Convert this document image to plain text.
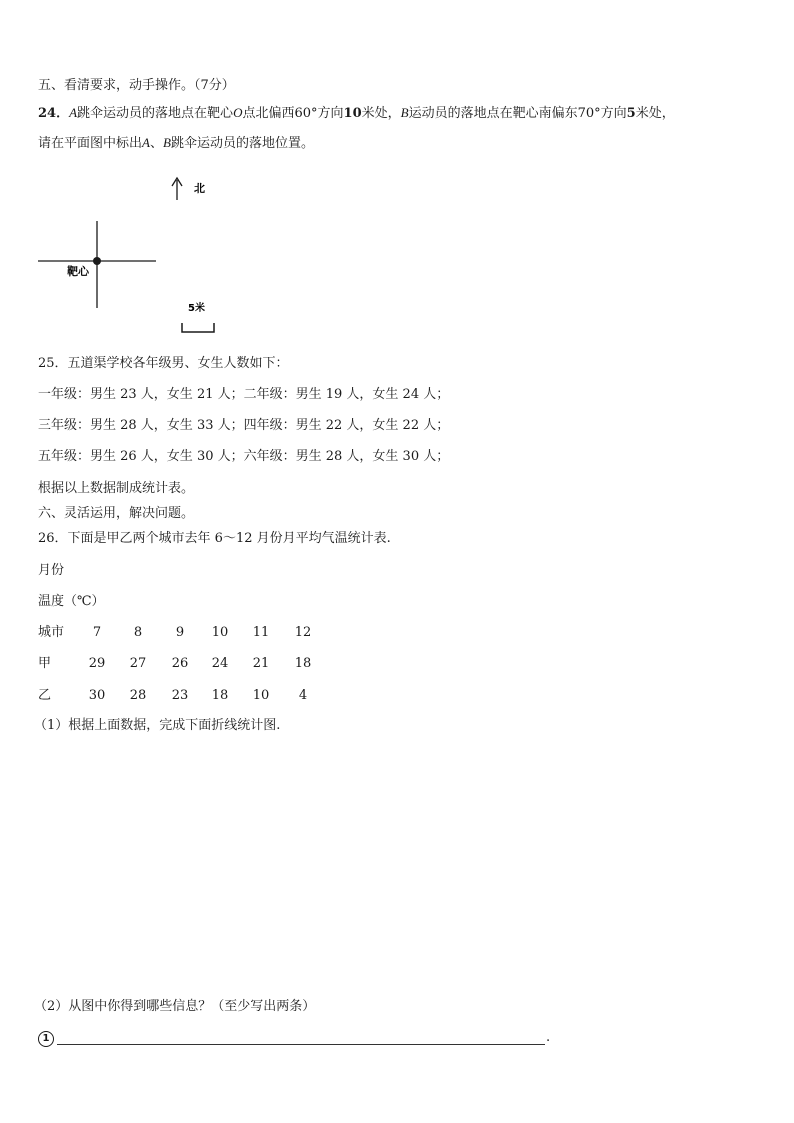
五、看清要求，动手操作。（7分）
24．A跳伞运动员的落地点在靶心O点北偏西60°方向10米处，B运动员的落地点在靶心南偏东70°方向5米处，
请在平面图中标出A、B跳伞运动员的落地位置。
北
靶心
5米
25．五道渠学校各年级男、女生人数如下：
一年级：男生 23 人，女生 21 人；二年级：男生 19 人，女生 24 人；
三年级：男生 28 人，女生 33 人；四年级：男生 22 人，女生 22 人；
五年级：男生 26 人，女生 30 人；六年级：男生 28 人，女生 30 人；
根据以上数据制成统计表。
六、灵活运用，解决问题。
26．下面是甲乙两个城市去年 6～12 月份月平均气温统计表.
月份
温度（℃）
城市	7	8	9	10	11	12
甲	29	27	26	24	21	18
乙	30	28	23	18	10	4
（1）根据上面数据，完成下面折线统计图.
（2）从图中你得到哪些信息？（至少写出两条）
1	.
